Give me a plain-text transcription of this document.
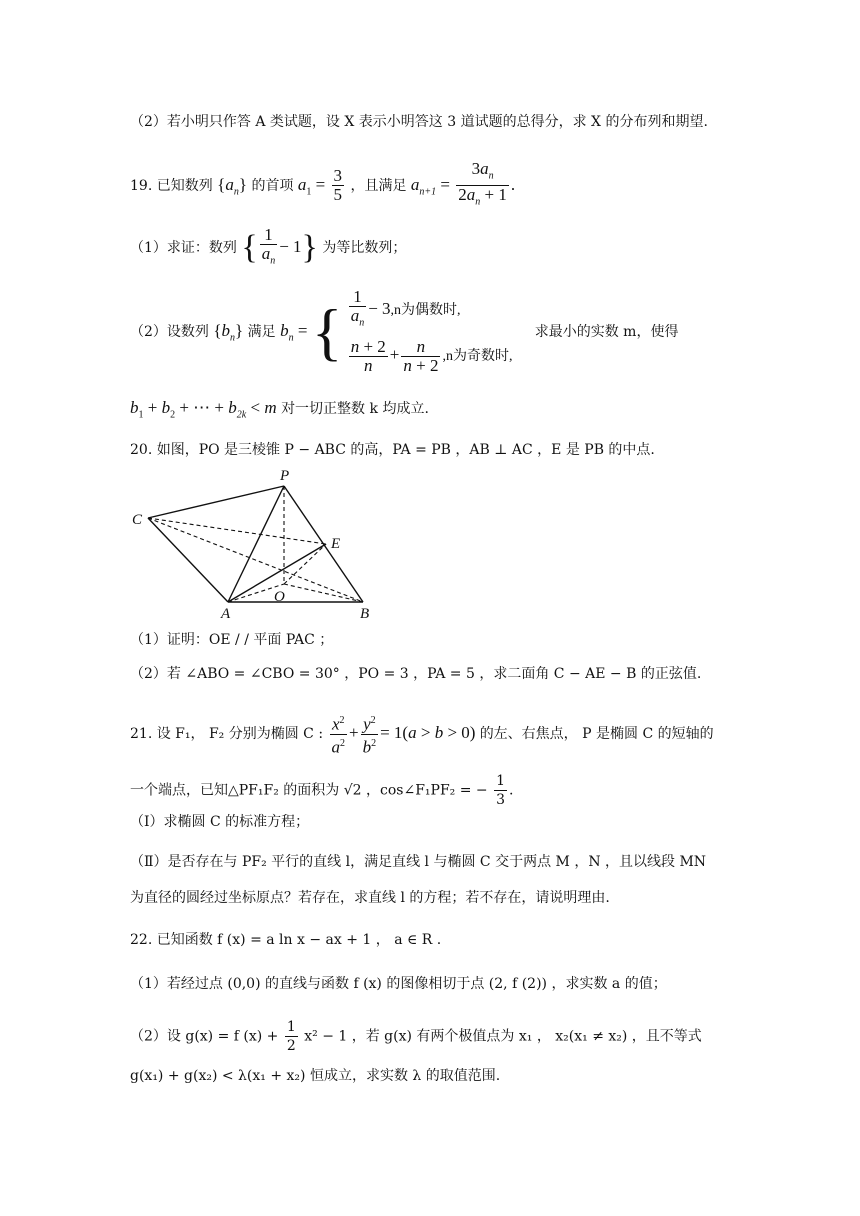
（2）若小明只作答 A 类试题，设 X 表示小明答这 3 道试题的总得分，求 X 的分布列和期望.
19. 已知数列 $\{a_n\}$ 的首项 $a_1 = \frac{3}{5}$ ，且满足 $a_{n+1} = \frac{3a_n}{2a_n + 1}$ .
（1）求证：数列 { $\frac{1}{a_n} - 1$} 为等比数列；
（2）设数列 $\{b_n\}$ 满足 $b_n$ = { $\frac{1}{a_n} - 3,n$为偶数时,
$\frac{n + 2}{n} + \frac{n}{n + 2} ,n$为奇数时,
求最小的实数 m，使得
$b_1 + b_2$ + ⋯ + $b_{2k} < m$ 对一切正整数 k 均成立.
20. 如图，PO 是三棱锥 P − ABC 的高，PA = PB ，AB ⊥ AC ，E 是 PB 的中点.
P
C
E
O
A	B
（1）证明：OE / / 平面 PAC ；
（2）若 ∠ABO = ∠CBO = 30° ，PO = 3 ，PA = 5 ，求二面角 C − AE − B 的正弦值.
21. 设 F₁， F₂ 分别为椭圆 C : $\frac{x^2}{a^2} + \frac{y^2}{b^2} = 1(a > b > 0)$ 的左、右焦点， P 是椭圆 C 的短轴的
一个端点，已知△PF₁F₂ 的面积为 √2 ，cos∠F₁PF₂ = − $\frac{1}{3}$ .
（Ⅰ）求椭圆 C 的标准方程；
（Ⅱ）是否存在与 PF₂ 平行的直线 l，满足直线 l 与椭圆 C 交于两点 M ，N ，且以线段 MN
为直径的圆经过坐标原点？若存在，求直线 l 的方程；若不存在，请说明理由.
22. 已知函数 f (x) = a ln x − ax + 1 ， a ∈ R .
（1）若经过点 (0,0) 的直线与函数 f (x) 的图像相切于点 (2, f (2)) ，求实数 a 的值；
（2）设 g(x) = f $(x) + \frac{1}{2} x^2 - 1$ ，若 g(x) 有两个极值点为 x₁ ， x₂(x₁ ≠ x₂) ，且不等式
g(x₁) + g(x₂) < λ(x₁ + x₂) 恒成立，求实数 λ 的取值范围.
